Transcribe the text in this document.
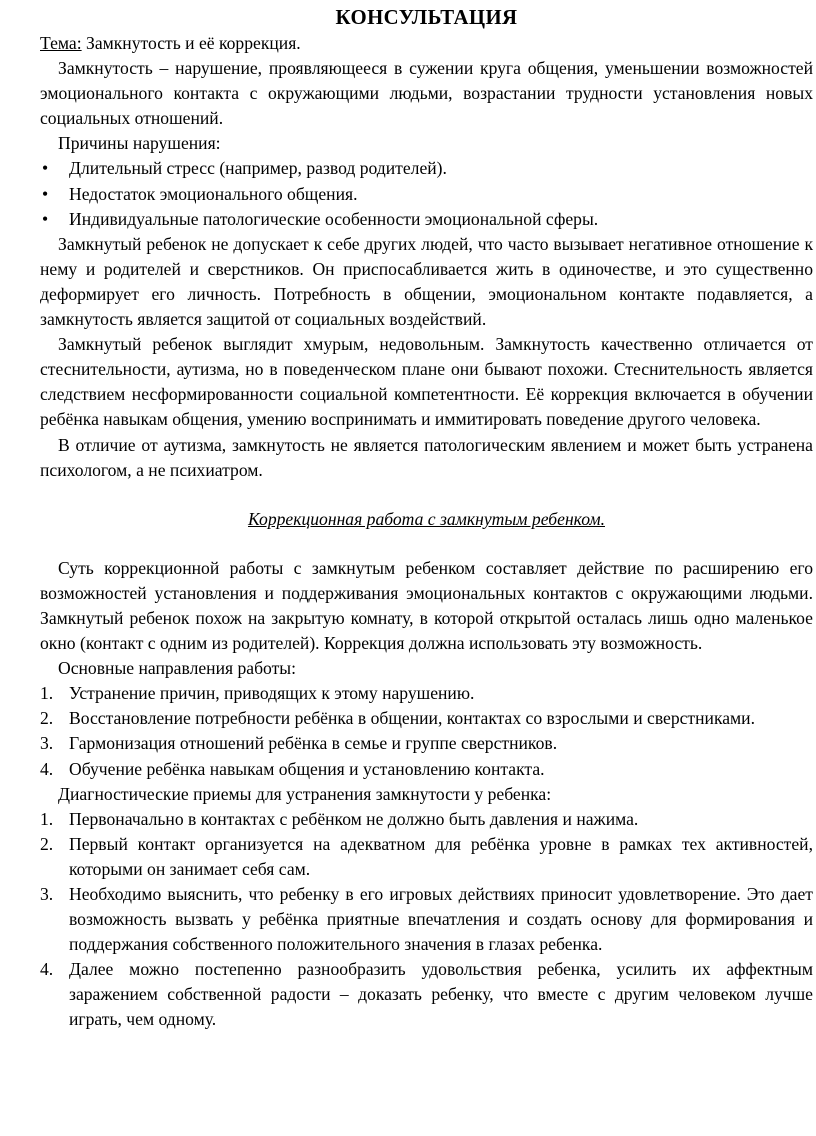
КОНСУЛЬТАЦИЯ

Тема: Замкнутость и её коррекция.

Замкнутость – нарушение, проявляющееся в сужении круга общения, уменьшении возможностей эмоционального контакта с окружающими людьми, возрастании трудности установления новых социальных отношений.

Причины нарушения:

• Длительный стресс (например, развод родителей).
• Недостаток эмоционального общения.
• Индивидуальные патологические особенности эмоциональной сферы.

Замкнутый ребенок не допускает к себе других людей, что часто вызывает негативное отношение к нему и родителей и сверстников. Он приспосабливается жить в одиночестве, и это существенно деформирует его личность. Потребность в общении, эмоциональном контакте подавляется, а замкнутость является защитой от социальных воздействий.

Замкнутый ребенок выглядит хмурым, недовольным. Замкнутость качественно отличается от стеснительности, аутизма, но в поведенческом плане они бывают похожи. Стеснительность является следствием несформированности социальной компетентности. Её коррекция включается в обучении ребёнка навыкам общения, умению воспринимать и иммитировать поведение другого человека.

В отличие от аутизма, замкнутость не является патологическим явлением и может быть устранена психологом, а не психиатром.

Коррекционная работа с замкнутым ребенком.

Суть коррекционной работы с замкнутым ребенком составляет действие по расширению его возможностей установления и поддерживания эмоциональных контактов с окружающими людьми. Замкнутый ребенок похож на закрытую комнату, в которой открытой осталась лишь одно маленькое окно (контакт с одним из родителей). Коррекция должна использовать эту возможность.

Основные направления работы:

1. Устранение причин, приводящих к этому нарушению.
2. Восстановление потребности ребёнка в общении, контактах со взрослыми и сверстниками.
3. Гармонизация отношений ребёнка в семье и группе сверстников.
4. Обучение ребёнка навыкам общения и установлению контакта.

Диагностические приемы для устранения замкнутости у ребенка:

1. Первоначально в контактах с ребёнком не должно быть давления и нажима.
2. Первый контакт организуется на адекватном для ребёнка уровне в рамках тех активностей, которыми он занимает себя сам.
3. Необходимо выяснить, что ребенку в его игровых действиях приносит удовлетворение. Это дает возможность вызвать у ребёнка приятные впечатления и создать основу для формирования и поддержания собственного положительного значения в глазах ребенка.
4. Далее можно постепенно разнообразить удовольствия ребенка, усилить их аффектным заражением собственной радости – доказать ребенку, что вместе с другим человеком лучше играть, чем одному.
